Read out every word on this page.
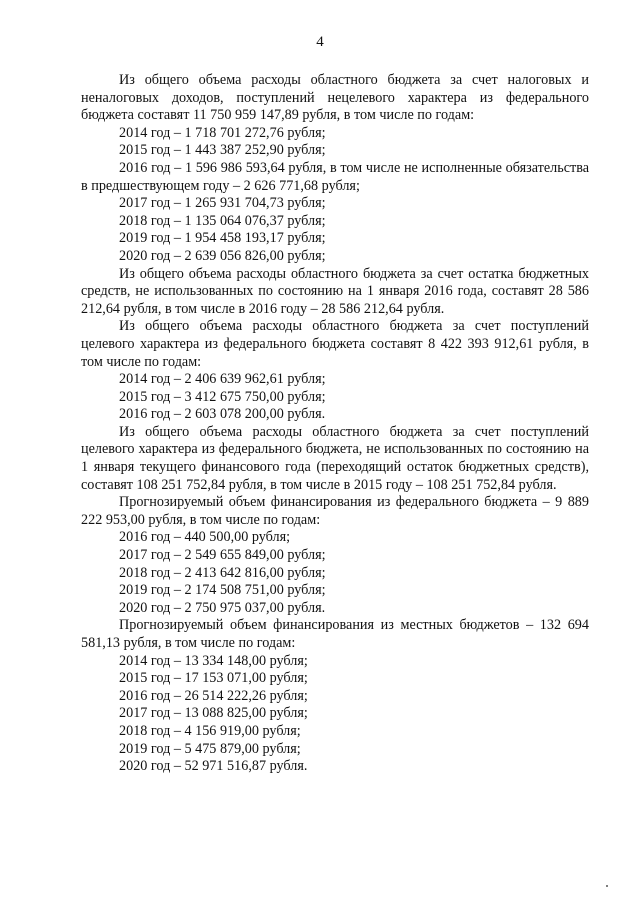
4

Из общего объема расходы областного бюджета за счет налоговых и неналоговых доходов, поступлений нецелевого характера из федерального бюджета составят 11 750 959 147,89 рубля, в том числе по годам:

2014 год – 1 718 701 272,76 рубля;

2015 год – 1 443 387 252,90 рубля;

2016 год – 1 596 986 593,64 рубля, в том числе не исполненные обязательства в предшествующем году – 2 626 771,68 рубля;

2017 год – 1 265 931 704,73 рубля;

2018 год – 1 135 064 076,37 рубля;

2019 год – 1 954 458 193,17 рубля;

2020 год – 2 639 056 826,00 рубля;

Из общего объема расходы областного бюджета за счет остатка бюджетных средств, не использованных по состоянию на 1 января 2016 года, составят 28 586 212,64 рубля, в том числе в 2016 году – 28 586 212,64 рубля.

Из общего объема расходы областного бюджета за счет поступлений целевого характера из федерального бюджета составят 8 422 393 912,61 рубля, в том числе по годам:

2014 год – 2 406 639 962,61 рубля;

2015 год – 3 412 675 750,00 рубля;

2016 год – 2 603 078 200,00 рубля.

Из общего объема расходы областного бюджета за счет поступлений целевого характера из федерального бюджета, не использованных по состоянию на 1 января текущего финансового года (переходящий остаток бюджетных средств), составят 108 251 752,84 рубля, в том числе в 2015 году – 108 251 752,84 рубля.

Прогнозируемый объем финансирования из федерального бюджета – 9 889 222 953,00 рубля, в том числе по годам:

2016 год – 440 500,00 рубля;

2017 год – 2 549 655 849,00 рубля;

2018 год – 2 413 642 816,00 рубля;

2019 год – 2 174 508 751,00 рубля;

2020 год – 2 750 975 037,00 рубля.

Прогнозируемый объем финансирования из местных бюджетов – 132 694 581,13 рубля, в том числе по годам:

2014 год – 13 334 148,00 рубля;

2015 год – 17 153 071,00 рубля;

2016 год – 26 514 222,26 рубля;

2017 год – 13 088 825,00 рубля;

2018 год – 4 156 919,00 рубля;

2019 год – 5 475 879,00 рубля;

2020 год – 52 971 516,87 рубля.
